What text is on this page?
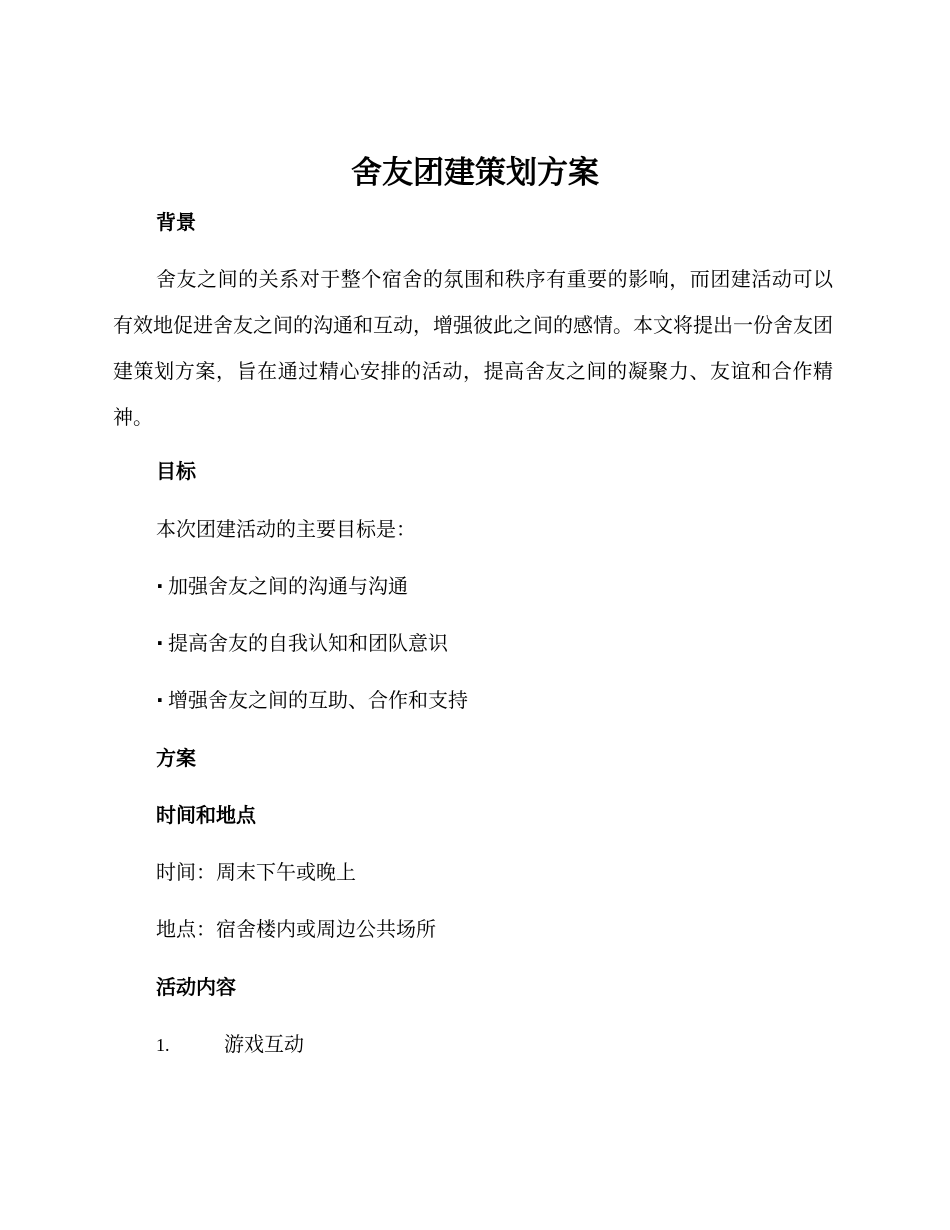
舍友团建策划方案
背景
舍友之间的关系对于整个宿舍的氛围和秩序有重要的影响，而团建活动可以有效地促进舍友之间的沟通和互动，增强彼此之间的感情。本文将提出一份舍友团建策划方案，旨在通过精心安排的活动，提高舍友之间的凝聚力、友谊和合作精神。
目标
本次团建活动的主要目标是：
· 加强舍友之间的沟通与沟通
· 提高舍友的自我认知和团队意识
· 增强舍友之间的互助、合作和支持
方案
时间和地点
时间：周末下午或晚上
地点：宿舍楼内或周边公共场所
活动内容
1.	游戏互动
